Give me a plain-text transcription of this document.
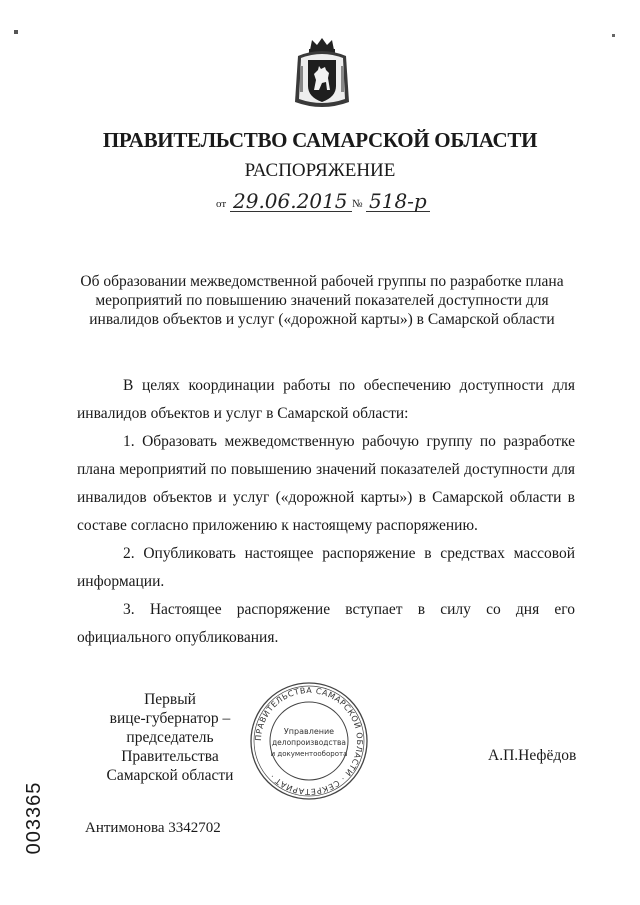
ПРАВИТЕЛЬСТВО САМАРСКОЙ ОБЛАСТИ
РАСПОРЯЖЕНИЕ
от 29.06.2015 № 518-р
Об образовании межведомственной рабочей группы по разработке плана мероприятий по повышению значений показателей доступности для инвалидов объектов и услуг («дорожной карты») в Самарской области

В целях координации работы по обеспечению доступности для инвалидов объектов и услуг в Самарской области:

1. Образовать межведомственную рабочую группу по разработке плана мероприятий по повышению значений показателей доступности для инвалидов объектов и услуг («дорожной карты») в Самарской области в составе согласно приложению к настоящему распоряжению.

2. Опубликовать настоящее распоряжение в средствах массовой информации.

3. Настоящее распоряжение вступает в силу со дня его официального опубликования.

Первый
вице-губернатор –
председатель Правительства
Самарской области
ПРАВИТЕЛЬСТВА САМАРСКОЙ ОБЛАСТИ · СЕКРЕТАРИАТ ·
Управление
делопроизводства
и документооборота	А.П.Нефёдов
003365	Антимонова 3342702
